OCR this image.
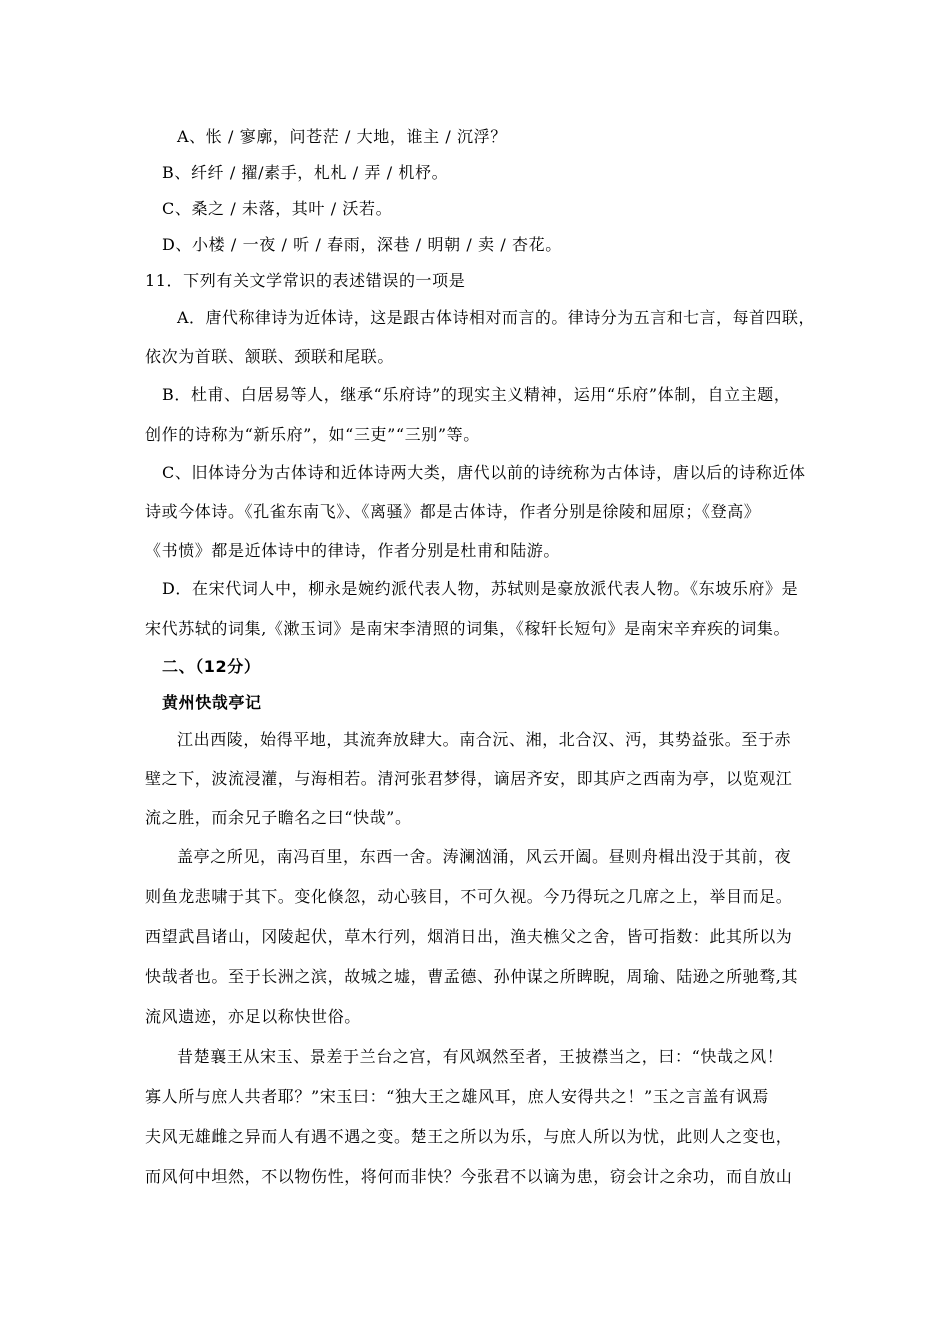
A、怅 / 寥廓，问苍茫 / 大地，谁主 / 沉浮？
B、纤纤 / 擢/素手，札札 / 弄 / 机杼。
C、桑之 / 未落，其叶 / 沃若。
D、小楼 / 一夜 / 听 / 春雨，深巷 / 明朝 / 卖 / 杏花。
11．下列有关文学常识的表述错误的一项是
A．唐代称律诗为近体诗，这是跟古体诗相对而言的。律诗分为五言和七言，每首四联，
依次为首联、颔联、颈联和尾联。
B．杜甫、白居易等人，继承“乐府诗”的现实主义精神，运用“乐府”体制，自立主题，
创作的诗称为“新乐府”，如“三吏”“三别”等。
C、旧体诗分为古体诗和近体诗两大类，唐代以前的诗统称为古体诗，唐以后的诗称近体
诗或今体诗。《孔雀东南飞》、《离骚》都是古体诗，作者分别是徐陵和屈原；《登高》
《书愤》都是近体诗中的律诗，作者分别是杜甫和陆游。
D．在宋代词人中，柳永是婉约派代表人物，苏轼则是豪放派代表人物。《东坡乐府》是
宋代苏轼的词集,《漱玉词》是南宋李清照的词集，《稼轩长短句》是南宋辛弃疾的词集。
二、（12分）
黄州快哉亭记
江出西陵，始得平地，其流奔放肆大。南合沅、湘，北合汉、沔，其势益张。至于赤
壁之下，波流浸灌，与海相若。清河张君梦得，谪居齐安，即其庐之西南为亭，以览观江
流之胜，而余兄子瞻名之曰“快哉”。
盖亭之所见，南冯百里，东西一舍。涛澜汹涌，风云开阖。昼则舟楫出没于其前，夜
则鱼龙悲啸于其下。变化倏忽，动心骇目，不可久视。今乃得玩之几席之上，举目而足。
西望武昌诸山，冈陵起伏，草木行列，烟消日出，渔夫樵父之舍，皆可指数：此其所以为
快哉者也。至于长洲之滨，故城之墟，曹孟德、孙仲谋之所睥睨，周瑜、陆逊之所驰骛,其
流风遗迹，亦足以称快世俗。
昔楚襄王从宋玉、景差于兰台之宫，有风飒然至者，王披襟当之，曰：“快哉之风！
寡人所与庶人共者耶？”宋玉曰：“独大王之雄风耳，庶人安得共之！”玉之言盖有讽焉
夫风无雄雌之异而人有遇不遇之变。楚王之所以为乐，与庶人所以为忧，此则人之变也，
而风何中坦然，不以物伤性，将何而非快？今张君不以谪为患，窃会计之余功，而自放山
